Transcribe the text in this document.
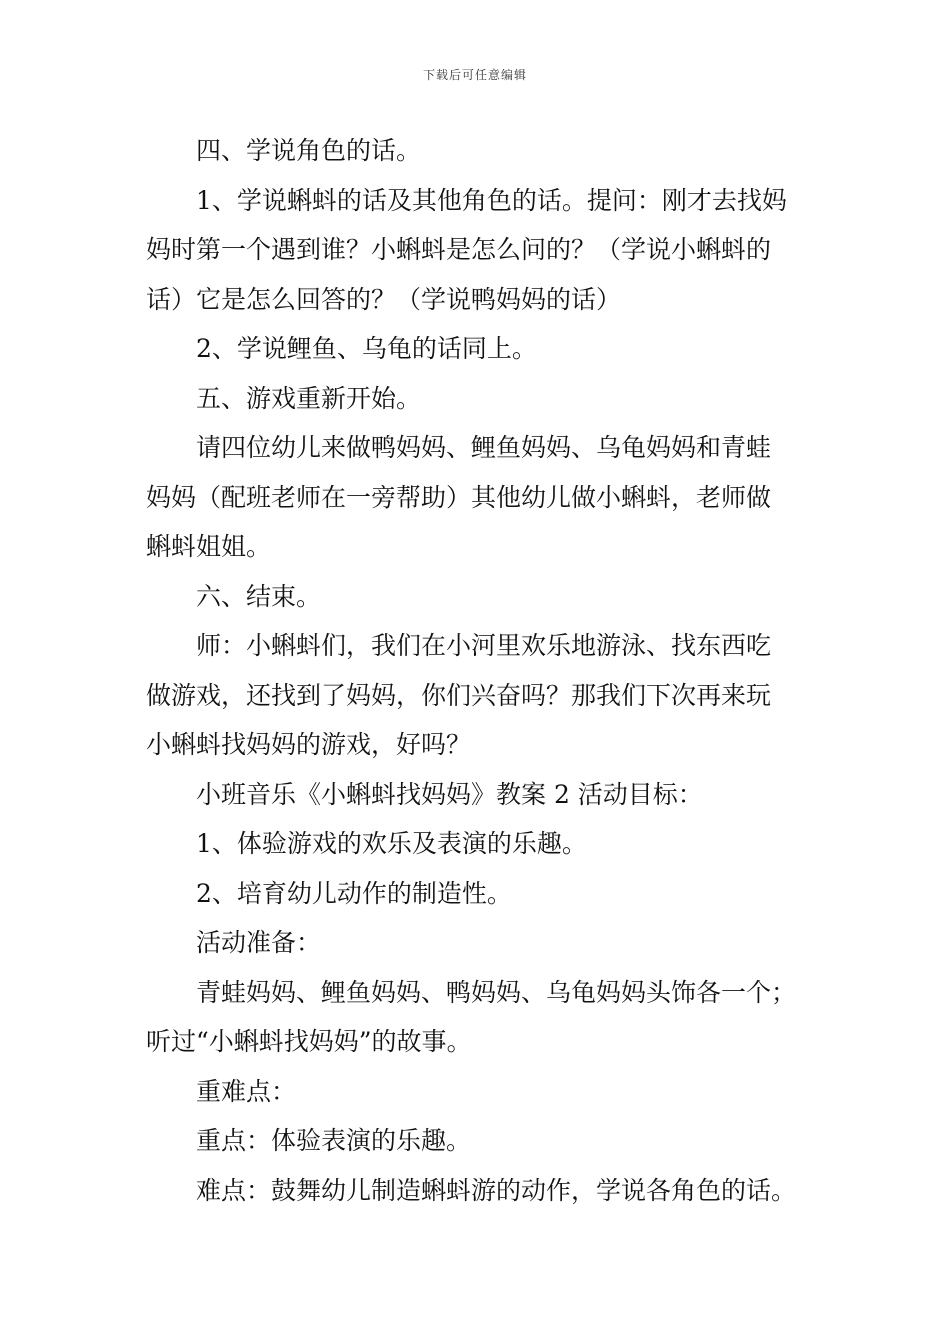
下载后可任意编辑

四、学说角色的话。

1、学说蝌蚪的话及其他角色的话。提问：刚才去找妈

妈时第一个遇到谁？小蝌蚪是怎么问的？（学说小蝌蚪的

话）它是怎么回答的？（学说鸭妈妈的话）

2、学说鲤鱼、乌龟的话同上。

五、游戏重新开始。

请四位幼儿来做鸭妈妈、鲤鱼妈妈、乌龟妈妈和青蛙

妈妈（配班老师在一旁帮助）其他幼儿做小蝌蚪，老师做

蝌蚪姐姐。

六、结束。

师：小蝌蚪们，我们在小河里欢乐地游泳、找东西吃

做游戏，还找到了妈妈，你们兴奋吗？那我们下次再来玩

小蝌蚪找妈妈的游戏，好吗？

小班音乐《小蝌蚪找妈妈》教案 2 活动目标：

1、体验游戏的欢乐及表演的乐趣。

2、培育幼儿动作的制造性。

活动准备：

青蛙妈妈、鲤鱼妈妈、鸭妈妈、乌龟妈妈头饰各一个；

听过“小蝌蚪找妈妈”的故事。

重难点：

重点：体验表演的乐趣。

难点：鼓舞幼儿制造蝌蚪游的动作，学说各角色的话。
